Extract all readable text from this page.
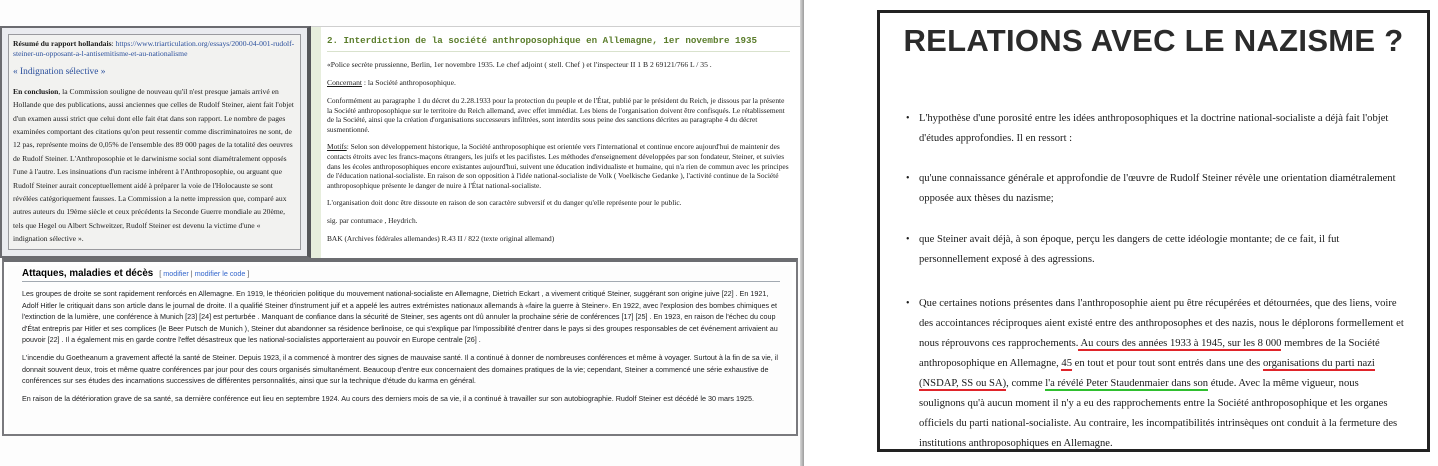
Résumé du rapport hollandais: https://www.triarticulation.org/essays/2000-04-001-rudolf-steiner-un-opposant-a-l-antisemitisme-et-au-nationalisme
« Indignation sélective »
En conclusion, la Commission souligne de nouveau qu'il n'est presque jamais arrivé en Hollande que des publications, aussi anciennes que celles de Rudolf Steiner, aient fait l'objet d'un examen aussi strict que celui dont elle fait état dans son rapport. Le nombre de pages examinées comportant des citations qu'on peut ressentir comme discriminatoires ne sont, de 12 pas, représente moins de 0,05% de l'ensemble des 89 000 pages de la totalité des oeuvres de Rudolf Steiner. L'Anthroposophie et le darwinisme social sont diamétralement opposés l'une à l'autre. Les insinuations d'un racisme inhérent à l'Anthroposophie, ou arguant que Rudolf Steiner aurait conceptuellement aidé à préparer la voie de l'Holocauste se sont révélées catégoriquement fausses. La Commission a la nette impression que, comparé aux autres auteurs du 19ème siècle et ceux précédents la Seconde Guerre mondiale au 20ème, tels que Hegel ou Albert Schweitzer, Rudolf Steiner est devenu la victime d'une « indignation sélective ».
2. Interdiction de la société anthroposophique en Allemagne, 1er novembre 1935
«Police secrète prussienne, Berlin, 1er novembre 1935. Le chef adjoint ( stell. Chef ) et l'inspecteur II 1 B 2 69121/766 L / 35 .
Concernant : la Société anthroposophique.
Conformément au paragraphe 1 du décret du 2.28.1933 pour la protection du peuple et de l'État, publié par le président du Reich, je dissous par la présente la Société anthroposophique sur le territoire du Reich allemand, avec effet immédiat. Les biens de l'organisation doivent être confisqués. Le rétablissement de la Société, ainsi que la création d'organisations successeurs infiltrées, sont interdits sous peine des sanctions décrites au paragraphe 4 du décret susmentionné.
Motifs: Selon son développement historique, la Société anthroposophique est orientée vers l'international et continue encore aujourd'hui de maintenir des contacts étroits avec les francs-maçons étrangers, les juifs et les pacifistes. Les méthodes d'enseignement développées par son fondateur, Steiner, et suivies dans les écoles anthroposophiques encore existantes aujourd'hui, suivent une éducation individualiste et humaine, qui n'a rien de commun avec les principes de l'éducation national-socialiste. En raison de son opposition à l'idée national-socialiste de Volk ( Voelkische Gedanke ), l'activité continue de la Société anthroposophique présente le danger de nuire à l'État national-socialiste.
L'organisation doit donc être dissoute en raison de son caractère subversif et du danger qu'elle représente pour le public.
sig. par contumace , Heydrich.
BAK (Archives fédérales allemandes) R.43 II / 822 (texte original allemand)
Attaques, maladies et décès [ modifier | modifier le code ]

Les groupes de droite se sont rapidement renforcés en Allemagne. En 1919, le théoricien politique du mouvement national-socialiste en Allemagne, Dietrich Eckart , a vivement critiqué Steiner, suggérant son origine juive [22] . En 1921, Adolf Hitler le critiquait dans son article dans le journal de droite. Il a qualifié Steiner d'instrument juif et a appelé les autres extrémistes nationaux allemands à «faire la guerre à Steiner». En 1922, avec l'explosion des bombes chimiques et l'extinction de la lumière, une conférence à Munich [23] [24] est perturbée . Manquant de confiance dans la sécurité de Steiner, ses agents ont dû annuler la prochaine série de conférences [17] [25] . En 1923, en raison de l'échec du coup d'État entrepris par Hitler et ses complices (le Beer Putsch de Munich ), Steiner dut abandonner sa résidence berlinoise, ce qui s'explique par l'impossibilité d'entrer dans le pays si des groupes responsables de cet événement arrivaient au pouvoir [22] . Il a également mis en garde contre l'effet désastreux que les national-socialistes apporteraient au pouvoir en Europe centrale [26] .

L'incendie du Goetheanum a gravement affecté la santé de Steiner. Depuis 1923, il a commencé à montrer des signes de mauvaise santé. Il a continué à donner de nombreuses conférences et même à voyager. Surtout à la fin de sa vie, il donnait souvent deux, trois et même quatre conférences par jour pour des cours organisés simultanément. Beaucoup d'entre eux concernaient des domaines pratiques de la vie; cependant, Steiner a commencé une série exhaustive de conférences sur ses études des incarnations successives de différentes personnalités, ainsi que sur la technique d'étude du karma en général.

En raison de la détérioration grave de sa santé, sa dernière conférence eut lieu en septembre 1924. Au cours des derniers mois de sa vie, il a continué à travailler sur son autobiographie. Rudolf Steiner est décédé le 30 mars 1925.

RELATIONS AVEC LE NAZISME ?
• L'hypothèse d'une porosité entre les idées anthroposophiques et la doctrine national-socialiste a déjà fait l'objet d'études approfondies. Il en ressort :
• qu'une connaissance générale et approfondie de l'œuvre de Rudolf Steiner révèle une orientation diamétralement opposée aux thèses du nazisme;
• que Steiner avait déjà, à son époque, perçu les dangers de cette idéologie montante; de ce fait, il fut personnellement exposé à des agressions.
• Que certaines notions présentes dans l'anthroposophie aient pu être récupérées et détournées, que des liens, voire des accointances réciproques aient existé entre des anthroposophes et des nazis, nous le déplorons formellement et nous réprouvons ces rapprochements. Au cours des années 1933 à 1945, sur les 8 000 membres de la Société anthroposophique en Allemagne, 45 en tout et pour tout sont entrés dans une des organisations du parti nazi (NSDAP, SS ou SA), comme l'a révélé Peter Staudenmaier dans son étude. Avec la même vigueur, nous soulignons qu'à aucun moment il n'y a eu des rapprochements entre la Société anthroposophique et les organes officiels du parti national-socialiste. Au contraire, les incompatibilités intrinsèques ont conduit à la fermeture des institutions anthroposophiques en Allemagne.
